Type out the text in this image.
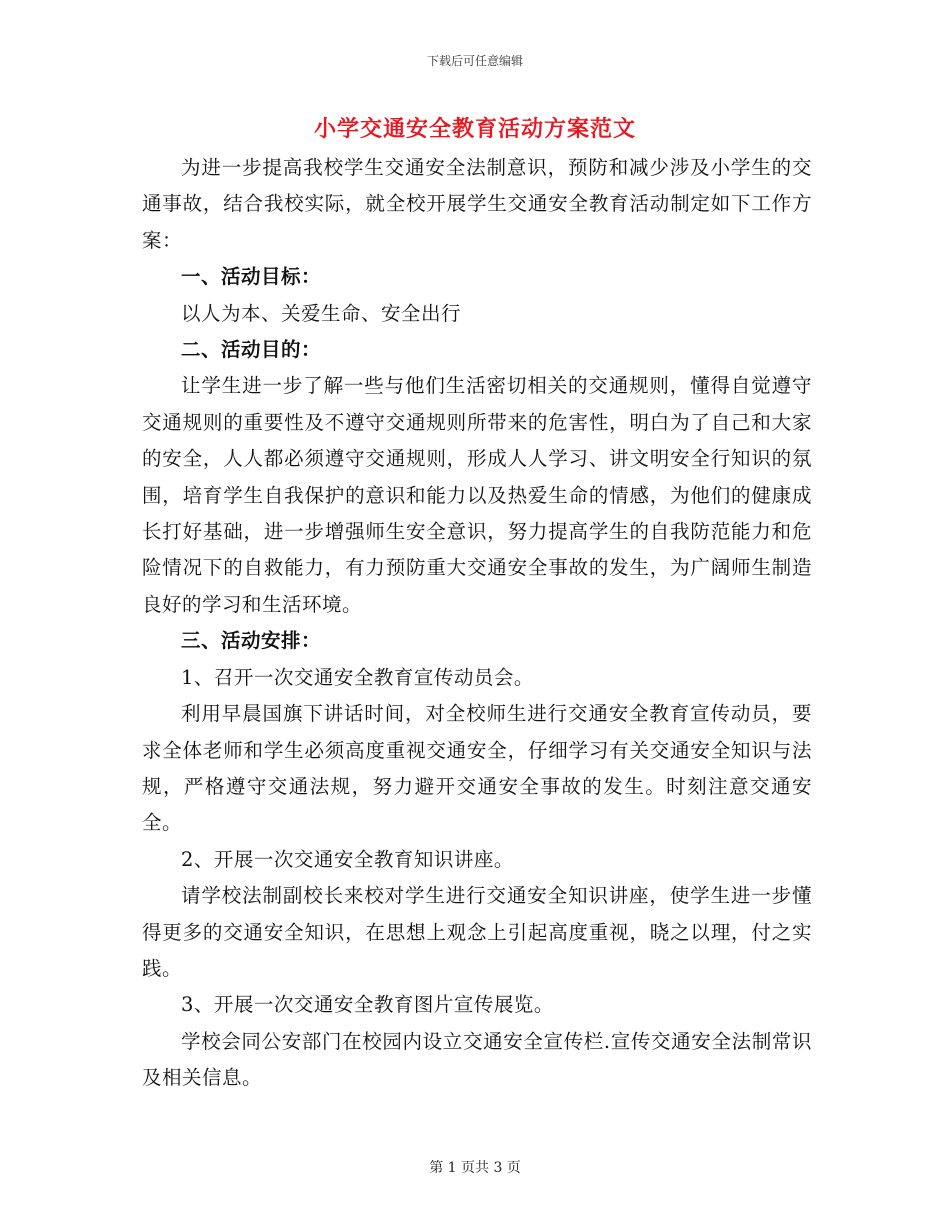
下载后可任意编辑

小学交通安全教育活动方案范文

为进一步提高我校学生交通安全法制意识，预防和减少涉及小学生的交通事故，结合我校实际，就全校开展学生交通安全教育活动制定如下工作方案：

一、活动目标：

以人为本、关爱生命、安全出行

二、活动目的：

让学生进一步了解一些与他们生活密切相关的交通规则，懂得自觉遵守交通规则的重要性及不遵守交通规则所带来的危害性，明白为了自己和大家的安全，人人都必须遵守交通规则，形成人人学习、讲文明安全行知识的氛围，培育学生自我保护的意识和能力以及热爱生命的情感，为他们的健康成长打好基础，进一步增强师生安全意识，努力提高学生的自我防范能力和危险情况下的自救能力，有力预防重大交通安全事故的发生，为广阔师生制造良好的学习和生活环境。

三、活动安排：

1、召开一次交通安全教育宣传动员会。

利用早晨国旗下讲话时间，对全校师生进行交通安全教育宣传动员，要求全体老师和学生必须高度重视交通安全，仔细学习有关交通安全知识与法规，严格遵守交通法规，努力避开交通安全事故的发生。时刻注意交通安全。

2、开展一次交通安全教育知识讲座。

请学校法制副校长来校对学生进行交通安全知识讲座，使学生进一步懂得更多的交通安全知识，在思想上观念上引起高度重视，晓之以理，付之实践。

3、开展一次交通安全教育图片宣传展览。

学校会同公安部门在校园内设立交通安全宣传栏.宣传交通安全法制常识及相关信息。

第 1 页共 3 页
